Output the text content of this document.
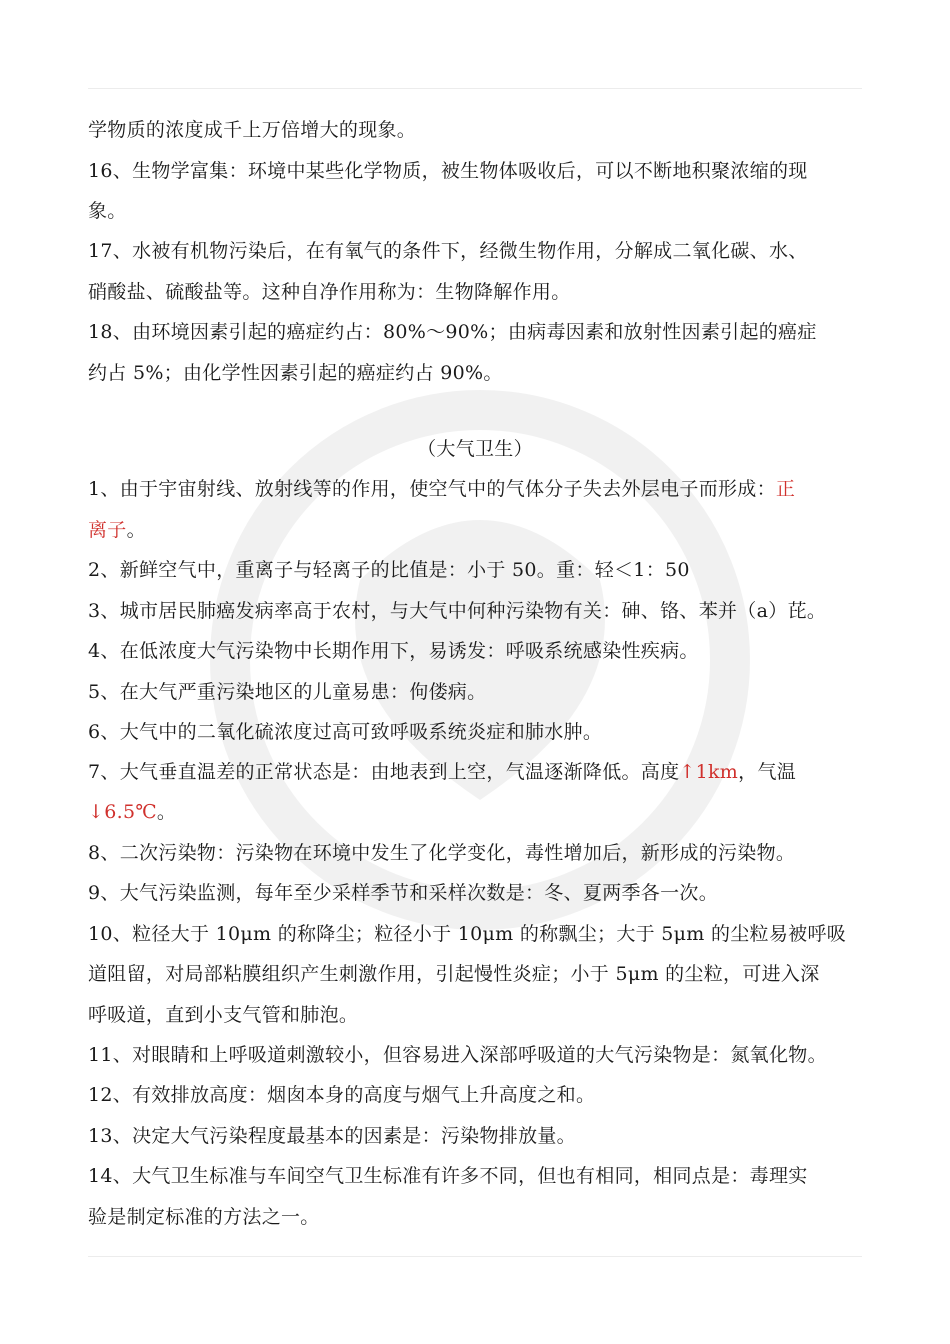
学物质的浓度成千上万倍增大的现象。
16、生物学富集：环境中某些化学物质，被生物体吸收后，可以不断地积聚浓缩的现
象。
17、水被有机物污染后，在有氧气的条件下，经微生物作用，分解成二氧化碳、水、
硝酸盐、硫酸盐等。这种自净作用称为：生物降解作用。
18、由环境因素引起的癌症约占：80%～90%；由病毒因素和放射性因素引起的癌症
约占 5%；由化学性因素引起的癌症约占 90%。
（大气卫生）
1、由于宇宙射线、放射线等的作用，使空气中的气体分子失去外层电子而形成：正
离子。
2、新鲜空气中，重离子与轻离子的比值是：小于 50。重：轻＜1：50
3、城市居民肺癌发病率高于农村，与大气中何种污染物有关：砷、铬、苯并（a）芘。
4、在低浓度大气污染物中长期作用下，易诱发：呼吸系统感染性疾病。
5、在大气严重污染地区的儿童易患：佝偻病。
6、大气中的二氧化硫浓度过高可致呼吸系统炎症和肺水肿。
7、大气垂直温差的正常状态是：由地表到上空，气温逐渐降低。高度↑1km，气温
↓6.5℃。
8、二次污染物：污染物在环境中发生了化学变化，毒性增加后，新形成的污染物。
9、大气污染监测，每年至少采样季节和采样次数是：冬、夏两季各一次。
10、粒径大于 10μm 的称降尘；粒径小于 10μm 的称飘尘；大于 5μm 的尘粒易被呼吸
道阻留，对局部粘膜组织产生刺激作用，引起慢性炎症；小于 5μm 的尘粒，可进入深
呼吸道，直到小支气管和肺泡。
11、对眼睛和上呼吸道刺激较小，但容易进入深部呼吸道的大气污染物是：氮氧化物。
12、有效排放高度：烟囱本身的高度与烟气上升高度之和。
13、决定大气污染程度最基本的因素是：污染物排放量。
14、大气卫生标准与车间空气卫生标准有许多不同，但也有相同，相同点是：毒理实
验是制定标准的方法之一。
